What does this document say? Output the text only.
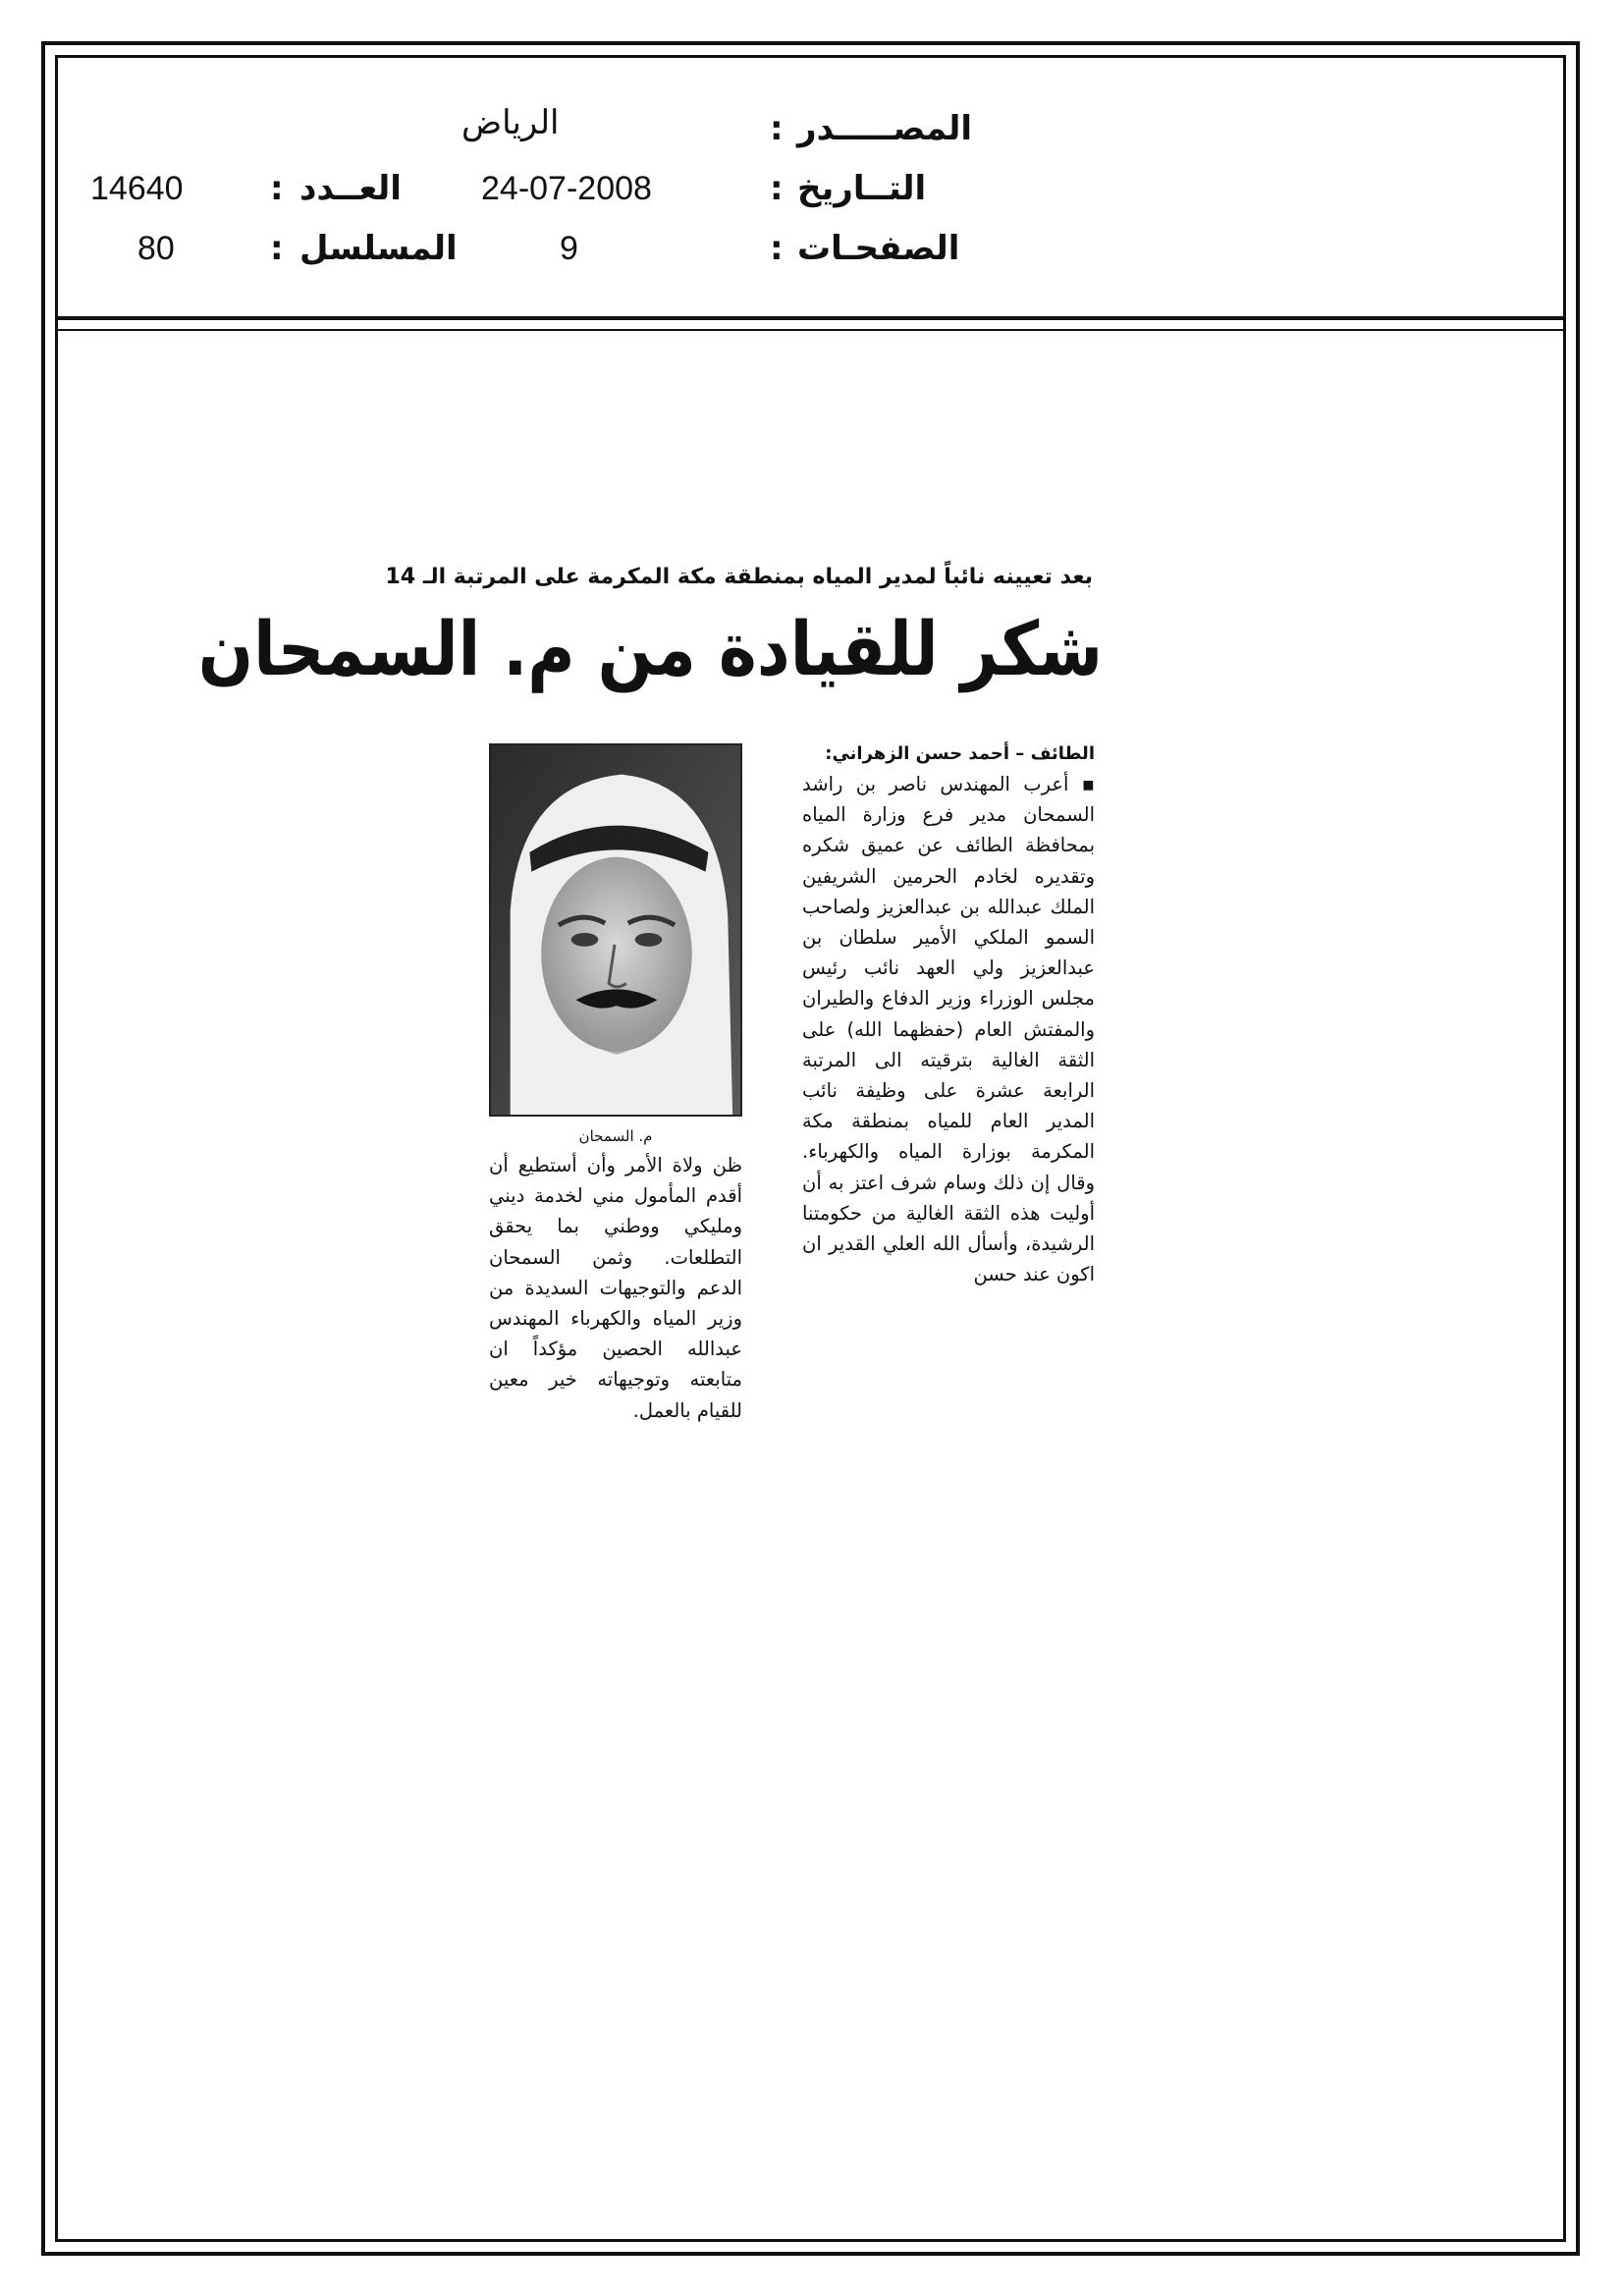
المصـــــدر
:
الرياض
التــاريخ
:
24-07-2008
الصفحـات
:
9
العــدد
:
14640
المسلسل
:
80
بعد تعيينه نائباً لمدير المياه بمنطقة مكة المكرمة على المرتبة الـ 14
شكر للقيادة من م. السمحان
الطائف – أحمد حسن الزهراني:
م. السمحان
▪ أعرب المهندس ناصر بن راشد السمحان مدير فرع وزارة المياه بمحافظة الطائف عن عميق شكره وتقديره لخادم الحرمين الشريفين الملك عبدالله بن عبدالعزيز ولصاحب السمو الملكي الأمير سلطان بن عبدالعزيز ولي العهد نائب رئيس مجلس الوزراء وزير الدفاع والطيران والمفتش العام (حفظهما الله) على الثقة الغالية بترقيته الى المرتبة الرابعة عشرة على وظيفة نائب المدير العام للمياه بمنطقة مكة المكرمة بوزارة المياه والكهرباء. وقال إن ذلك وسام شرف اعتز به أن أوليت هذه الثقة الغالية من حكومتنا الرشيدة، وأسأل الله العلي القدير ان اكون عند حسن
ظن ولاة الأمر وأن أستطيع أن أقدم المأمول مني لخدمة ديني ومليكي ووطني بما يحقق التطلعات. وثمن السمحان الدعم والتوجيهات السديدة من وزير المياه والكهرباء المهندس عبدالله الحصين مؤكداً ان متابعته وتوجيهاته خير معين للقيام بالعمل.
